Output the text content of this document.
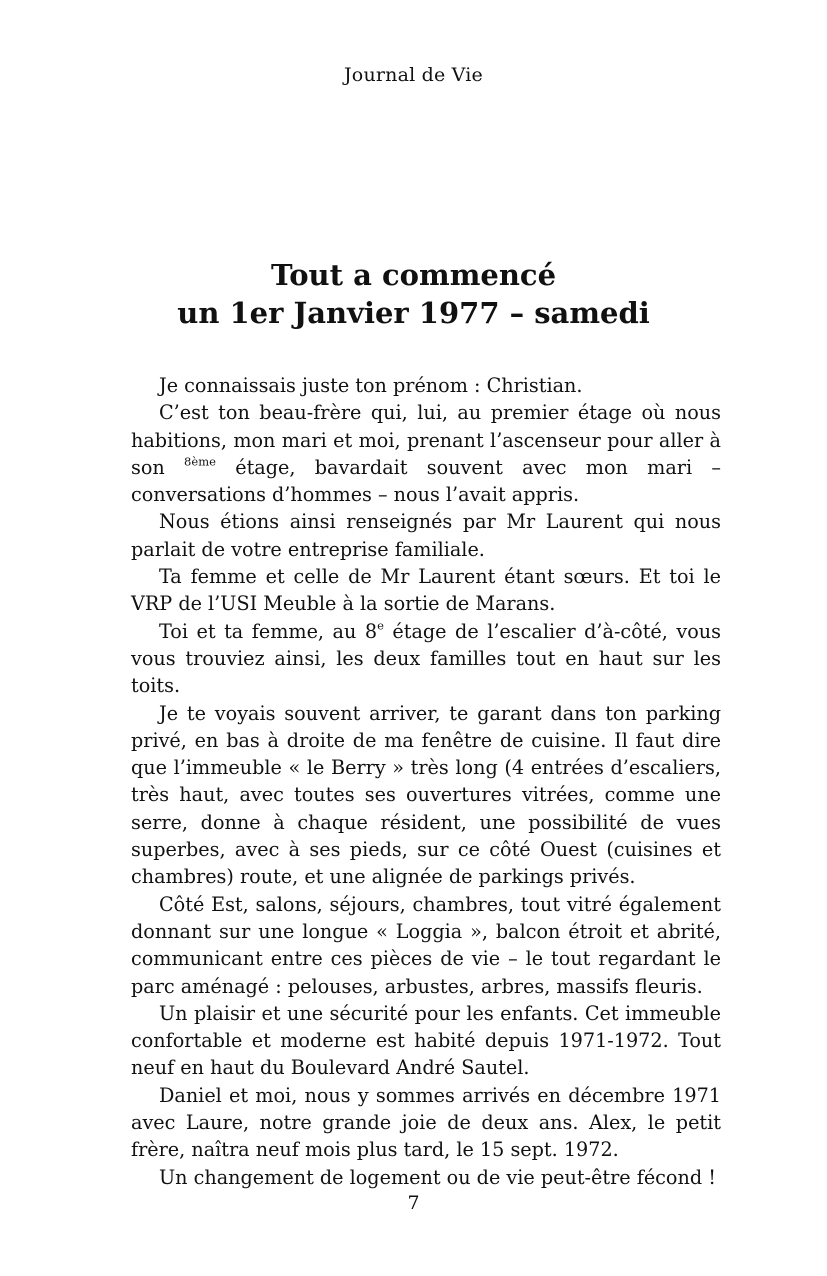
Journal de Vie
Tout a commencé
un 1er Janvier 1977 – samedi

Je connaissais juste ton prénom : Christian.

C’est ton beau-frère qui, lui, au premier étage où nous habitions, mon mari et moi, prenant l’ascenseur pour aller à son $^{8ème}$ étage, bavardait souvent avec mon mari – conversations d’hommes – nous l’avait appris.

Nous étions ainsi renseignés par Mr Laurent qui nous parlait de votre entreprise familiale.

Ta femme et celle de Mr Laurent étant sœurs. Et toi le VRP de l’USI Meuble à la sortie de Marans.

Toi et ta femme, au 8e étage de l’escalier d’à-côté, vous vous trouviez ainsi, les deux familles tout en haut sur les toits.

Je te voyais souvent arriver, te garant dans ton parking privé, en bas à droite de ma fenêtre de cuisine. Il faut dire que l’immeuble « le Berry » très long (4 entrées d’escaliers, très haut, avec toutes ses ouvertures vitrées, comme une serre, donne à chaque résident, une possibilité de vues superbes, avec à ses pieds, sur ce côté Ouest (cuisines et chambres) route, et une alignée de parkings privés.

Côté Est, salons, séjours, chambres, tout vitré également donnant sur une longue « Loggia », balcon étroit et abrité, communicant entre ces pièces de vie – le tout regardant le parc aménagé : pelouses, arbustes, arbres, massifs fleuris.

Un plaisir et une sécurité pour les enfants. Cet immeuble confortable et moderne est habité depuis 1971-1972. Tout neuf en haut du Boulevard André Sautel.

Daniel et moi, nous y sommes arrivés en décembre 1971 avec Laure, notre grande joie de deux ans. Alex, le petit frère, naîtra neuf mois plus tard, le 15 sept. 1972.

Un changement de logement ou de vie peut-être fécond !

7
